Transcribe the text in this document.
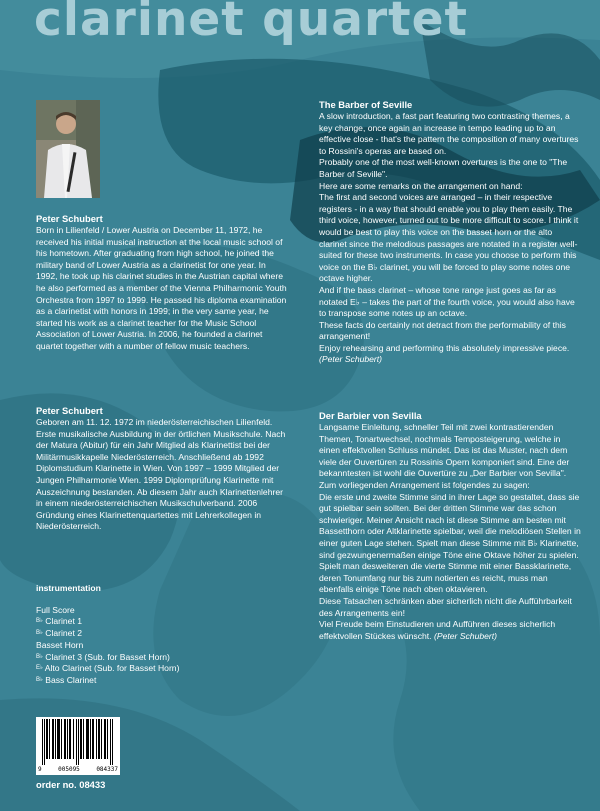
clarinet quartet

Peter Schubert

Born in Lilienfeld / Lower Austria on December 11, 1972, he received his initial musical instruction at the local music school of his hometown. After graduating from high school, he joined the military band of Lower Austria as a clarinetist for one year. In 1992, he took up his clarinet studies in the Austrian capital where he also performed as a member of the Vienna Philharmonic Youth Orchestra from 1997 to 1999. He passed his diploma examination as a clarinetist with honors in 1999; in the very same year, he started his work as a clarinet teacher for the Music School Association of Lower Austria. In 2006, he founded a clarinet quartet together with a number of fellow music teachers.

Peter Schubert

Geboren am 11. 12. 1972 im niederösterreichischen Lilienfeld. Erste musikalische Ausbildung in der örtlichen Musikschule. Nach der Matura (Abitur) für ein Jahr Mitglied als Klarinettist bei der Militärmusikkapelle Niederösterreich. Anschließend ab 1992 Diplomstudium Klarinette in Wien. Von 1997 – 1999 Mitglied der Jungen Philharmonie Wien. 1999 Diplomprüfung Klarinette mit Auszeichnung bestanden. Ab diesem Jahr auch Klarinettenlehrer in einem niederösterreichischen Musikschulverband. 2006 Gründung eines Klarinettenquartettes mit Lehrerkollegen in Niederösterreich.

instrumentation

Full Score

$^{B♭}$ Clarinet 1

$^{B♭}$ Clarinet 2

Basset Horn

$^{B♭}$ Clarinet 3 (Sub. for Basset Horn)

$^{E♭}$ Alto Clarinet (Sub. for Basset Horn)

$^{B♭}$ Bass Clarinet

9	005095	084337
order no. 08433

The Barber of Seville

A slow introduction, a fast part featuring two contrasting themes, a key change, once again an increase in tempo leading up to an effective close - that's the pattern the composition of many overtures to Rossini's operas are based on.

Probably one of the most well-known overtures is the one to "The Barber of Seville".

Here are some remarks on the arrangement on hand:

The first and second voices are arranged – in their respective registers - in a way that should enable you to play them easily. The third voice, however, turned out to be more difficult to score. I think it would be best to play this voice on the basset horn or the alto clarinet since the melodious passages are notated in a register well-suited for these two instruments. In case you choose to perform this voice on the B♭ clarinet, you will be forced to play some notes one octave higher.

And if the bass clarinet – whose tone range just goes as far as notated E♭ – takes the part of the fourth voice, you would also have to transpose some notes up an octave.

These facts do certainly not detract from the performability of this arrangement!

Enjoy rehearsing and performing this absolutely impressive piece. (Peter Schubert)

Der Barbier von Sevilla

Langsame Einleitung, schneller Teil mit zwei kontrastierenden Themen, Tonartwechsel, nochmals Temposteigerung, welche in einen effektvollen Schluss mündet. Das ist das Muster, nach dem viele der Ouvertüren zu Rossinis Opern komponiert sind. Eine der bekanntesten ist wohl die Ouvertüre zu „Der Barbier von Sevilla".

Zum vorliegenden Arrangement ist folgendes zu sagen:

Die erste und zweite Stimme sind in ihrer Lage so gestaltet, dass sie gut spielbar sein sollten. Bei der dritten Stimme war das schon schwieriger. Meiner Ansicht nach ist diese Stimme am besten mit Bassetthorn oder Altklarinette spielbar, weil die melodiösen Stellen in einer guten Lage stehen. Spielt man diese Stimme mit B♭ Klarinette, sind gezwungenermaßen einige Töne eine Oktave höher zu spielen.

Spielt man desweiteren die vierte Stimme mit einer Bassklarinette, deren Tonumfang nur bis zum notierten es reicht, muss man ebenfalls einige Töne nach oben oktavieren.

Diese Tatsachen schränken aber sicherlich nicht die Aufführbarkeit des Arrangements ein!

Viel Freude beim Einstudieren und Aufführen dieses sicherlich effektvollen Stückes wünscht. (Peter Schubert)
